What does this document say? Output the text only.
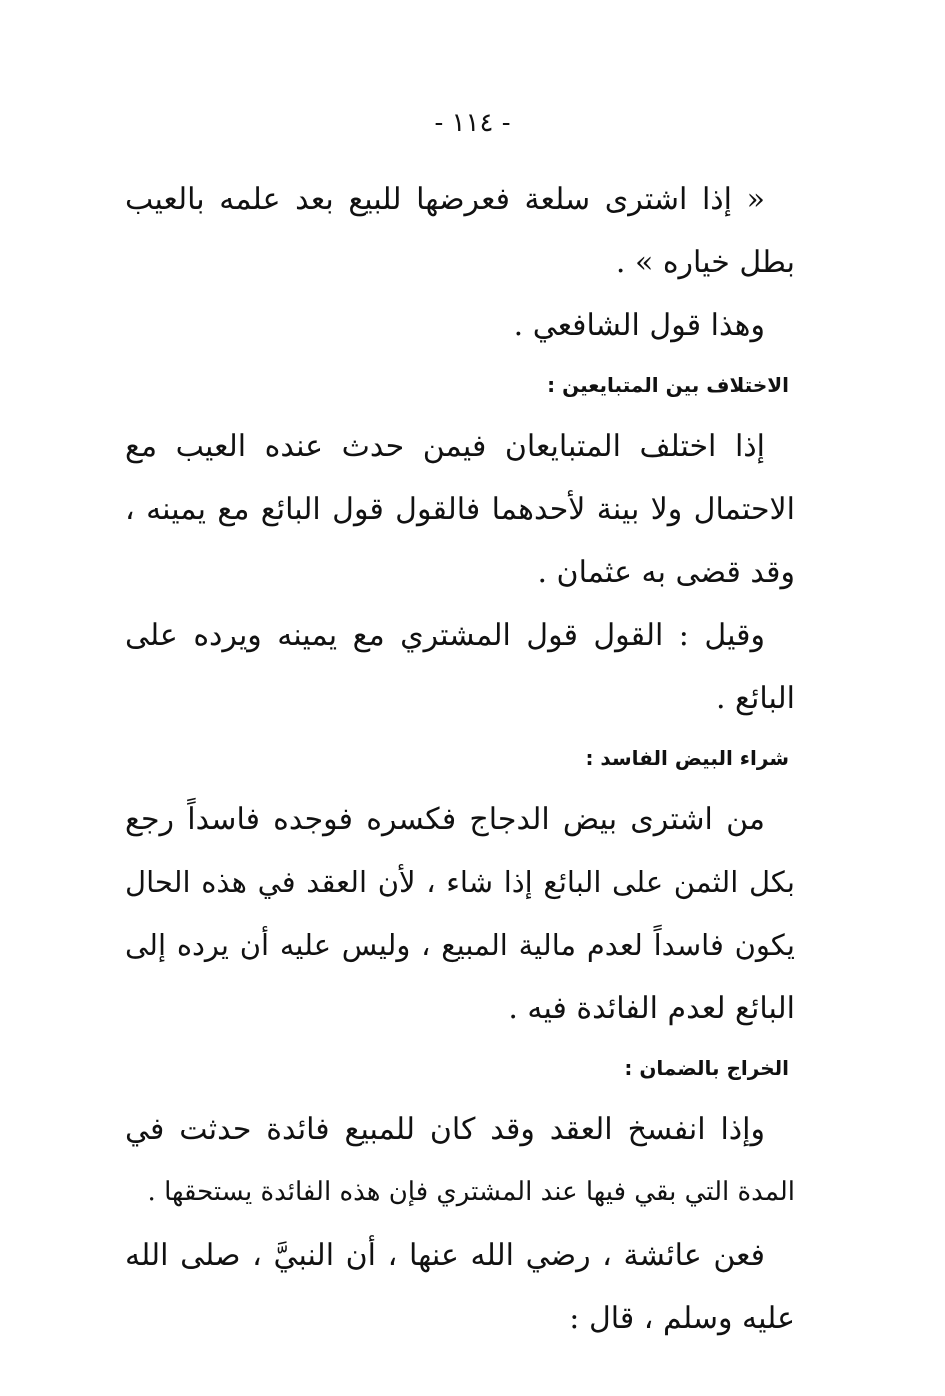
- ١١٤ -

« إذا اشترى سلعة فعرضها للبيع بعد علمه بالعيب

بطل خياره » .

وهذا قول الشافعي .

الاختلاف بين المتبايعين :

إذا اختلف المتبايعان فيمن حدث عنده العيب مع

الاحتمال ولا بينة لأحدهما فالقول قول البائع مع يمينه ،

وقد قضى به عثمان .

وقيل : القول قول المشتري مع يمينه ويرده على

البائع .

شراء البيض الفاسد :

من اشترى بيض الدجاج فكسره فوجده فاسداً رجع

بكل الثمن على البائع إذا شاء ، لأن العقد في هذه الحال

يكون فاسداً لعدم مالية المبيع ، وليس عليه أن يرده إلى

البائع لعدم الفائدة فيه .

الخراج بالضمان :

وإذا انفسخ العقد وقد كان للمبيع فائدة حدثت في

المدة التي بقي فيها عند المشتري فإن هذه الفائدة يستحقها .

فعن عائشة ، رضي الله عنها ، أن النبيَّ ، صلى الله

عليه وسلم ، قال :
